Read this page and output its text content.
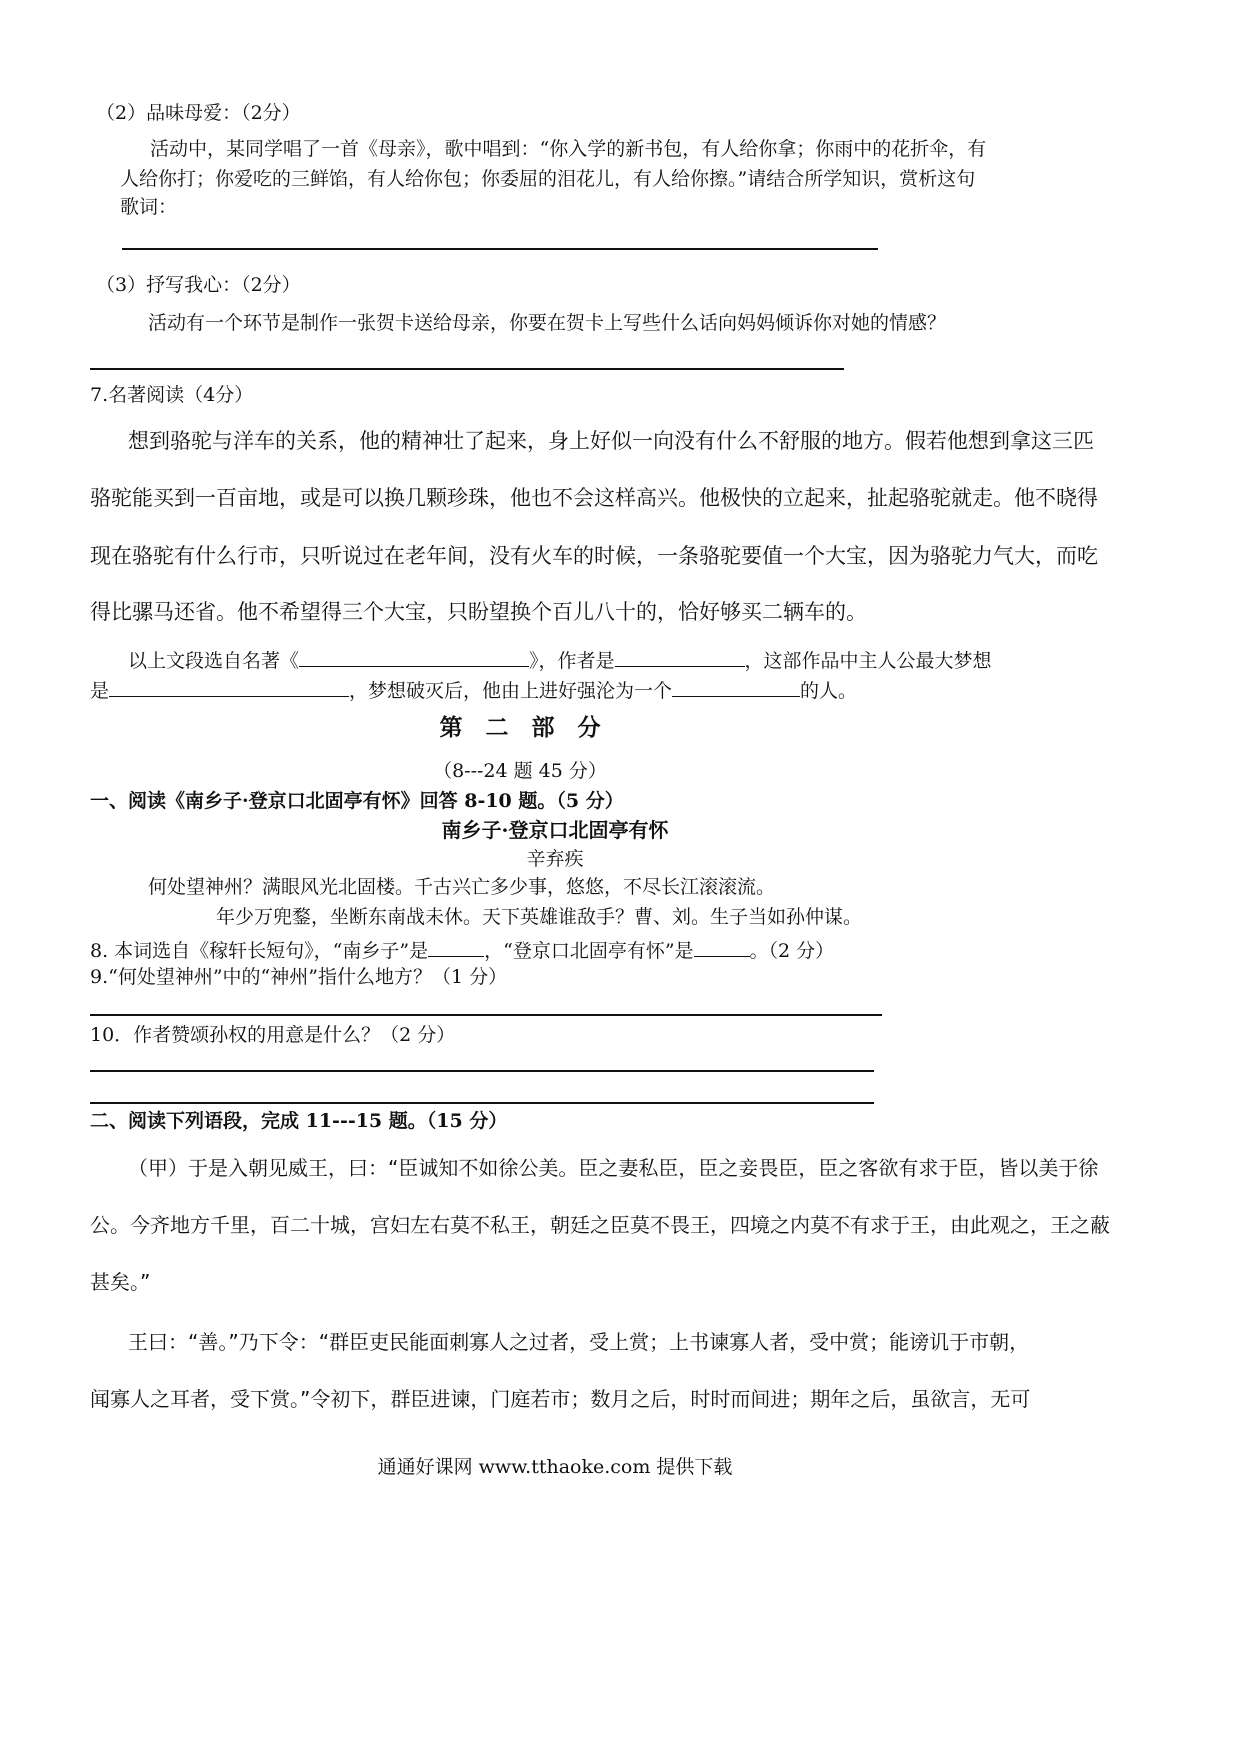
（2）品味母爱：（2分）
活动中，某同学唱了一首《母亲》，歌中唱到：“你入学的新书包，有人给你拿；你雨中的花折伞，有
人给你打；你爱吃的三鲜馅，有人给你包；你委屈的泪花儿，有人给你擦。”请结合所学知识，赏析这句
歌词：
（3）抒写我心：（2分）
活动有一个环节是制作一张贺卡送给母亲，你要在贺卡上写些什么话向妈妈倾诉你对她的情感？
7.名著阅读（4分）
想到骆驼与洋车的关系，他的精神壮了起来，身上好似一向没有什么不舒服的地方。假若他想到拿这三匹
骆驼能买到一百亩地，或是可以换几颗珍珠，他也不会这样高兴。他极快的立起来，扯起骆驼就走。他不晓得
现在骆驼有什么行市，只听说过在老年间，没有火车的时候，一条骆驼要值一个大宝，因为骆驼力气大，而吃
得比骡马还省。他不希望得三个大宝，只盼望换个百儿八十的，恰好够买二辆车的。
以上文段选自名著《	》，作者是	，这部作品中主人公最大梦想
是	，梦想破灭后，他由上进好强沦为一个	的人。
第　二　部　分
（8---24 题 45 分）
一、阅读《南乡子·登京口北固亭有怀》回答 8-10 题。（5 分）
南乡子·登京口北固亭有怀
辛弃疾
何处望神州？满眼风光北固楼。千古兴亡多少事，悠悠，不尽长江滚滚流。
年少万兜鍪，坐断东南战未休。天下英雄谁敌手？曹、刘。生子当如孙仲谋。
8. 本词选自《稼轩长短句》，“南乡子”是	，“登京口北固亭有怀”是	。（2 分）
9.“何处望神州”中的“神州”指什么地方？（1 分）
10．作者赞颂孙权的用意是什么？（2 分）
二、阅读下列语段，完成 11---15 题。（15 分）
（甲）于是入朝见威王，曰：“臣诚知不如徐公美。臣之妻私臣，臣之妾畏臣，臣之客欲有求于臣，皆以美于徐
公。今齐地方千里，百二十城，宫妇左右莫不私王，朝廷之臣莫不畏王，四境之内莫不有求于王，由此观之，王之蔽
甚矣。”
王曰：“善。”乃下令：“群臣吏民能面刺寡人之过者，受上赏；上书谏寡人者，受中赏；能谤讥于市朝，
闻寡人之耳者，受下赏。”令初下，群臣进谏，门庭若市；数月之后，时时而间进；期年之后，虽欲言，无可
通通好课网 www.tthaoke.com 提供下载
